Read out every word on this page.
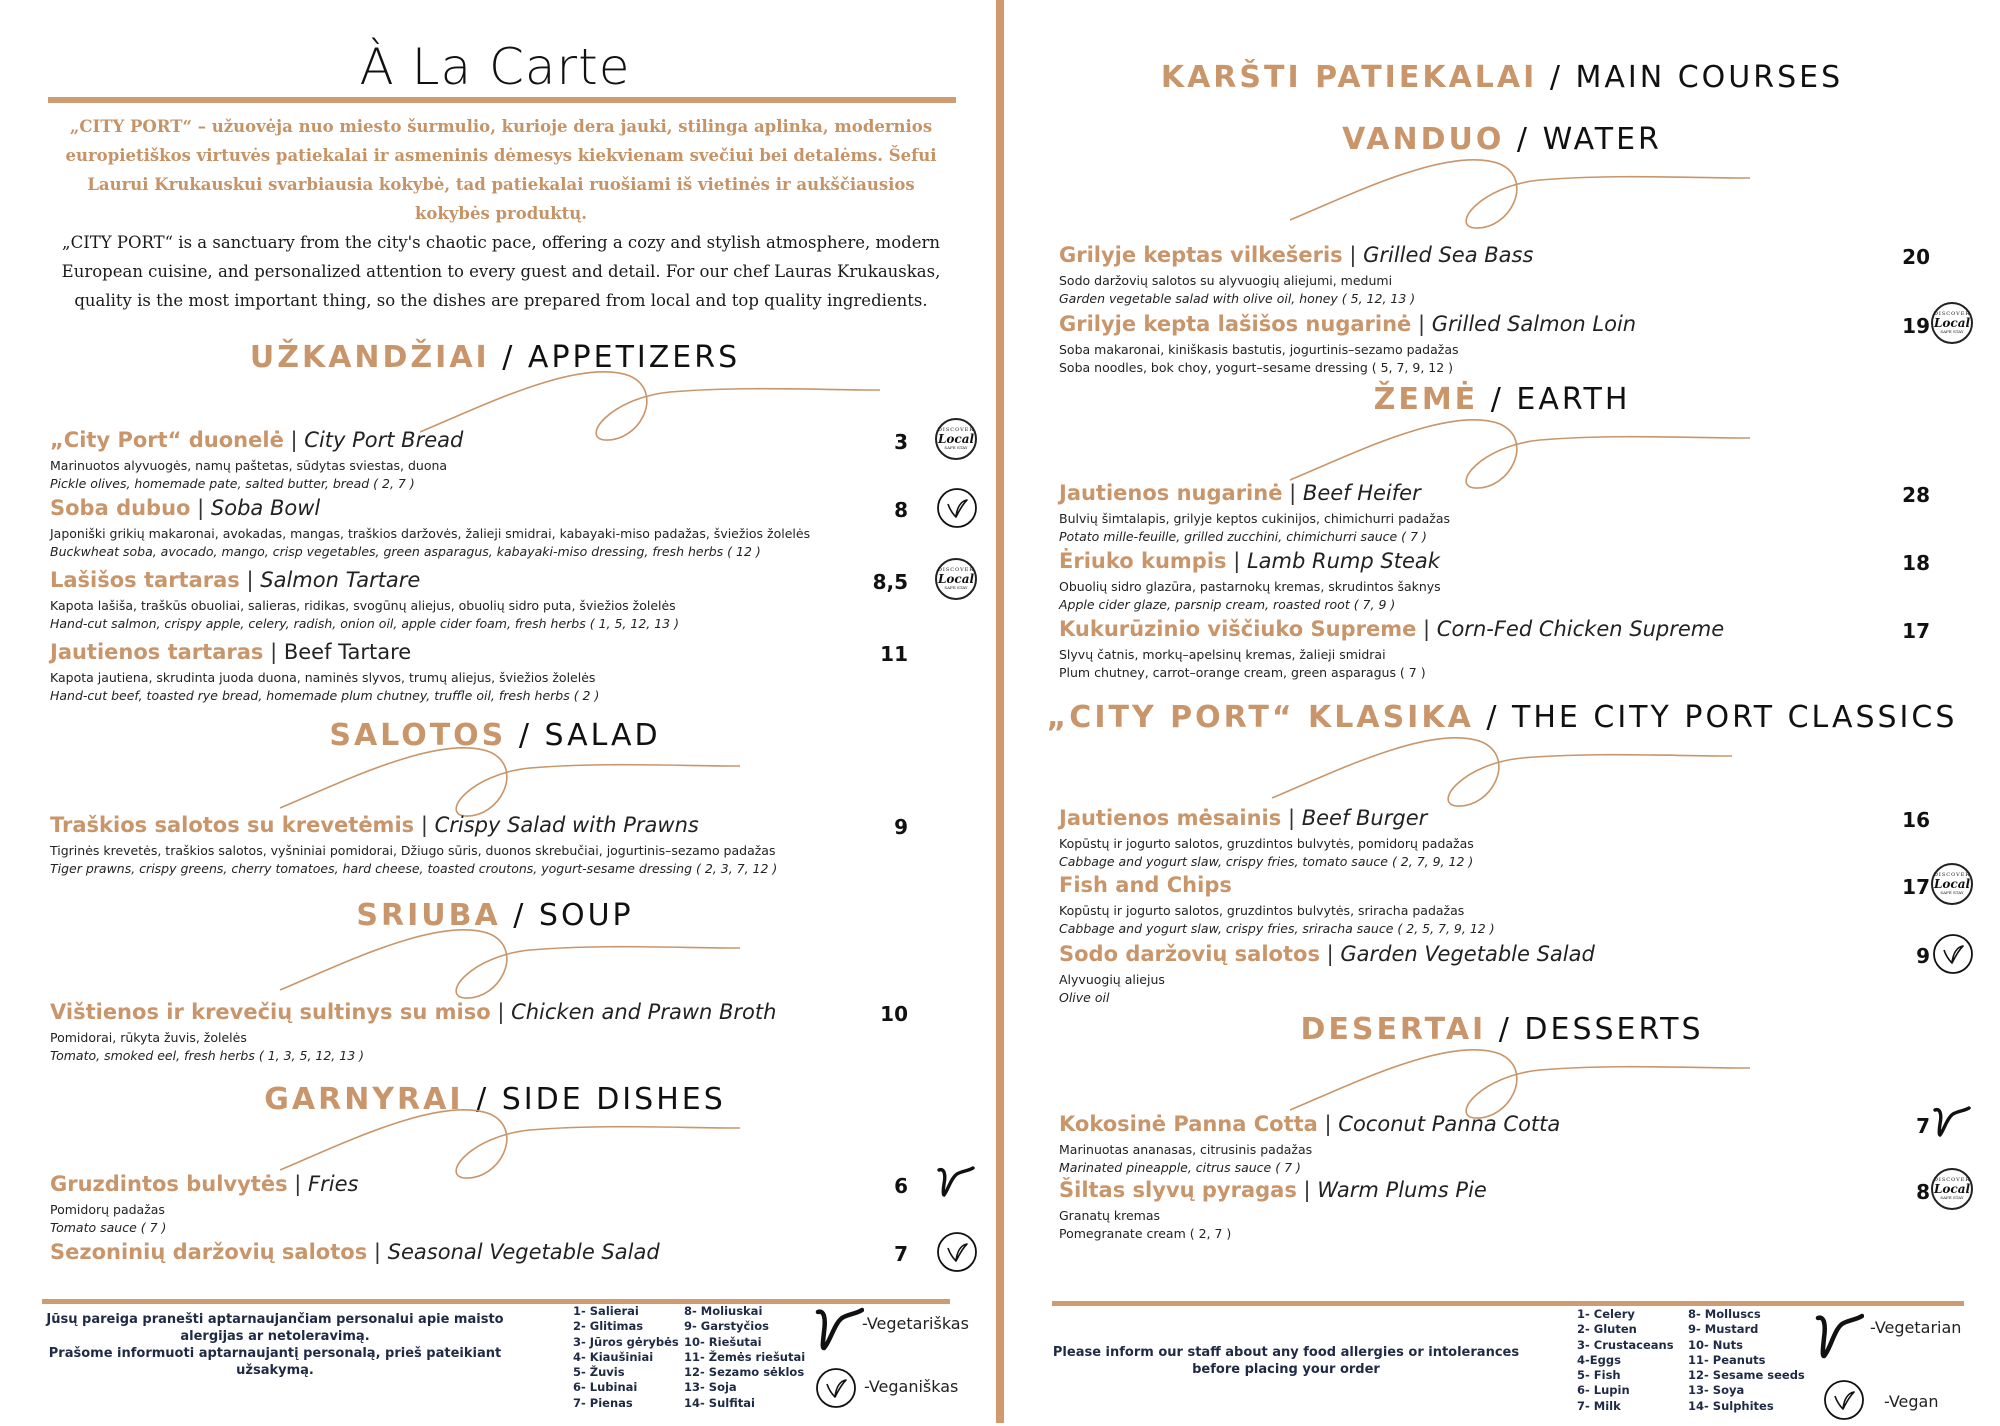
À La Carte
„CITY PORT“ – užuovėja nuo miesto šurmulio, kurioje dera jauki, stilinga aplinka, modernios europietiškos virtuvės patiekalai ir asmeninis dėmesys kiekvienam svečiui bei detalėms. Šefui Laurui Krukauskui svarbiausia kokybė, tad patiekalai ruošiami iš vietinės ir aukščiausios kokybės produktų.
„CITY PORT“ is a sanctuary from the city's chaotic pace, offering a cozy and stylish atmosphere, modern European cuisine, and personalized attention to every guest and detail. For our chef Lauras Krukauskas, quality is the most important thing, so the dishes are prepared from local and top quality ingredients.
UŽKANDŽIAI / APPETIZERS
„City Port“ duonelė | City Port Bread
Marinuotos alyvuogės, namų paštetas, sūdytas sviestas, duona
Pickle olives, homemade pate, salted butter, bread ( 2, 7 )
3	DISCOVER
Local
SAFE STAY
Soba dubuo | Soba Bowl
Japoniški grikių makaronai, avokadas, mangas, traškios daržovės, žalieji smidrai, kabayaki-miso padažas, šviežios žolelės
Buckwheat soba, avocado, mango, crisp vegetables, green asparagus, kabayaki-miso dressing, fresh herbs ( 12 )
8
Lašišos tartaras | Salmon Tartare
Kapota lašiša, traškūs obuoliai, salieras, ridikas, svogūnų aliejus, obuolių sidro puta, šviežios žolelės
Hand-cut salmon, crispy apple, celery, radish, onion oil, apple cider foam, fresh herbs ( 1, 5, 12, 13 )
8,5	DISCOVER
Local
SAFE STAY
Jautienos tartaras | Beef Tartare
Kapota jautiena, skrudinta juoda duona, naminės slyvos, trumų aliejus, šviežios žolelės
Hand-cut beef, toasted rye bread, homemade plum chutney, truffle oil, fresh herbs ( 2 )
11
SALOTOS / SALAD
Traškios salotos su krevetėmis | Crispy Salad with Prawns
Tigrinės krevetės, traškios salotos, vyšniniai pomidorai, Džiugo sūris, duonos skrebučiai, jogurtinis–sezamo padažas
Tiger prawns, crispy greens, cherry tomatoes, hard cheese, toasted croutons, yogurt-sesame dressing ( 2, 3, 7, 12 )
9
SRIUBA / SOUP
Vištienos ir krevečių sultinys su miso | Chicken and Prawn Broth
Pomidorai, rūkyta žuvis, žolelės
Tomato, smoked eel, fresh herbs ( 1, 3, 5, 12, 13 )
10
GARNYRAI / SIDE DISHES
Gruzdintos bulvytės | Fries
Pomidorų padažas
Tomato sauce ( 7 )
6
Sezoninių daržovių salotos | Seasonal Vegetable Salad	7
KARŠTI PATIEKALAI / MAIN COURSES
VANDUO / WATER
Grilyje keptas vilkešeris | Grilled Sea Bass
Sodo daržovių salotos su alyvuogių aliejumi, medumi
Garden vegetable salad with olive oil, honey ( 5, 12, 13 )
20
Grilyje kepta lašišos nugarinė | Grilled Salmon Loin
Soba makaronai, kiniškasis bastutis, jogurtinis–sezamo padažas
Soba noodles, bok choy, yogurt–sesame dressing ( 5, 7, 9, 12 )
19 DISCOVER
Local
SAFE STAY
ŽEMĖ / EARTH
Jautienos nugarinė | Beef Heifer
Bulvių šimtalapis, grilyje keptos cukinijos, chimichurri padažas
Potato mille-feuille, grilled zucchini, chimichurri sauce ( 7 )
28
Ėriuko kumpis | Lamb Rump Steak
Obuolių sidro glazūra, pastarnokų kremas, skrudintos šaknys
Apple cider glaze, parsnip cream, roasted root ( 7, 9 )
18
Kukurūzinio viščiuko Supreme | Corn-Fed Chicken Supreme
Slyvų čatnis, morkų–apelsinų kremas, žalieji smidrai
Plum chutney, carrot–orange cream, green asparagus ( 7 )
17
„CITY PORT“ KLASIKA / THE CITY PORT CLASSICS
Jautienos mėsainis | Beef Burger
Kopūstų ir jogurto salotos, gruzdintos bulvytės, pomidorų padažas
Cabbage and yogurt slaw, crispy fries, tomato sauce ( 2, 7, 9, 12 )
16
Fish and Chips
Kopūstų ir jogurto salotos, gruzdintos bulvytės, sriracha padažas
Cabbage and yogurt slaw, crispy fries, sriracha sauce ( 2, 5, 7, 9, 12 )
17 DISCOVER
Local
SAFE STAY
Sodo daržovių salotos | Garden Vegetable Salad
Alyvuogių aliejus
Olive oil
9
DESERTAI / DESSERTS
Kokosinė Panna Cotta | Coconut Panna Cotta
Marinuotas ananasas, citrusinis padažas
Marinated pineapple, citrus sauce ( 7 )
7
Šiltas slyvų pyragas | Warm Plums Pie
Granatų kremas
Pomegranate cream ( 2, 7 )
8 DISCOVER
Local
SAFE STAY
Jūsų pareiga pranešti aptarnaujančiam personalui apie maisto alergijas ar netoleravimą.
Prašome informuoti aptarnaujantį personalą, prieš pateikiant užsakymą.
1- Salierai
2- Glitimas
3- Jūros gėrybės
4- Kiaušiniai
5- Žuvis
6- Lubinai
7- Pienas
8- Moliuskai
9- Garstyčios
10- Riešutai
11- Žemės riešutai
12- Sezamo sėklos
13- Soja
14- Sulfitai
-Vegetariškas
-Veganiškas
Please inform our staff about any food allergies or intolerances before placing your order
1- Celery
2- Gluten
3- Crustaceans
4-Eggs
5- Fish
6- Lupin
7- Milk
8- Molluscs
9- Mustard
10- Nuts
11- Peanuts
12- Sesame seeds
13- Soya
14- Sulphites
-Vegetarian
-Vegan
